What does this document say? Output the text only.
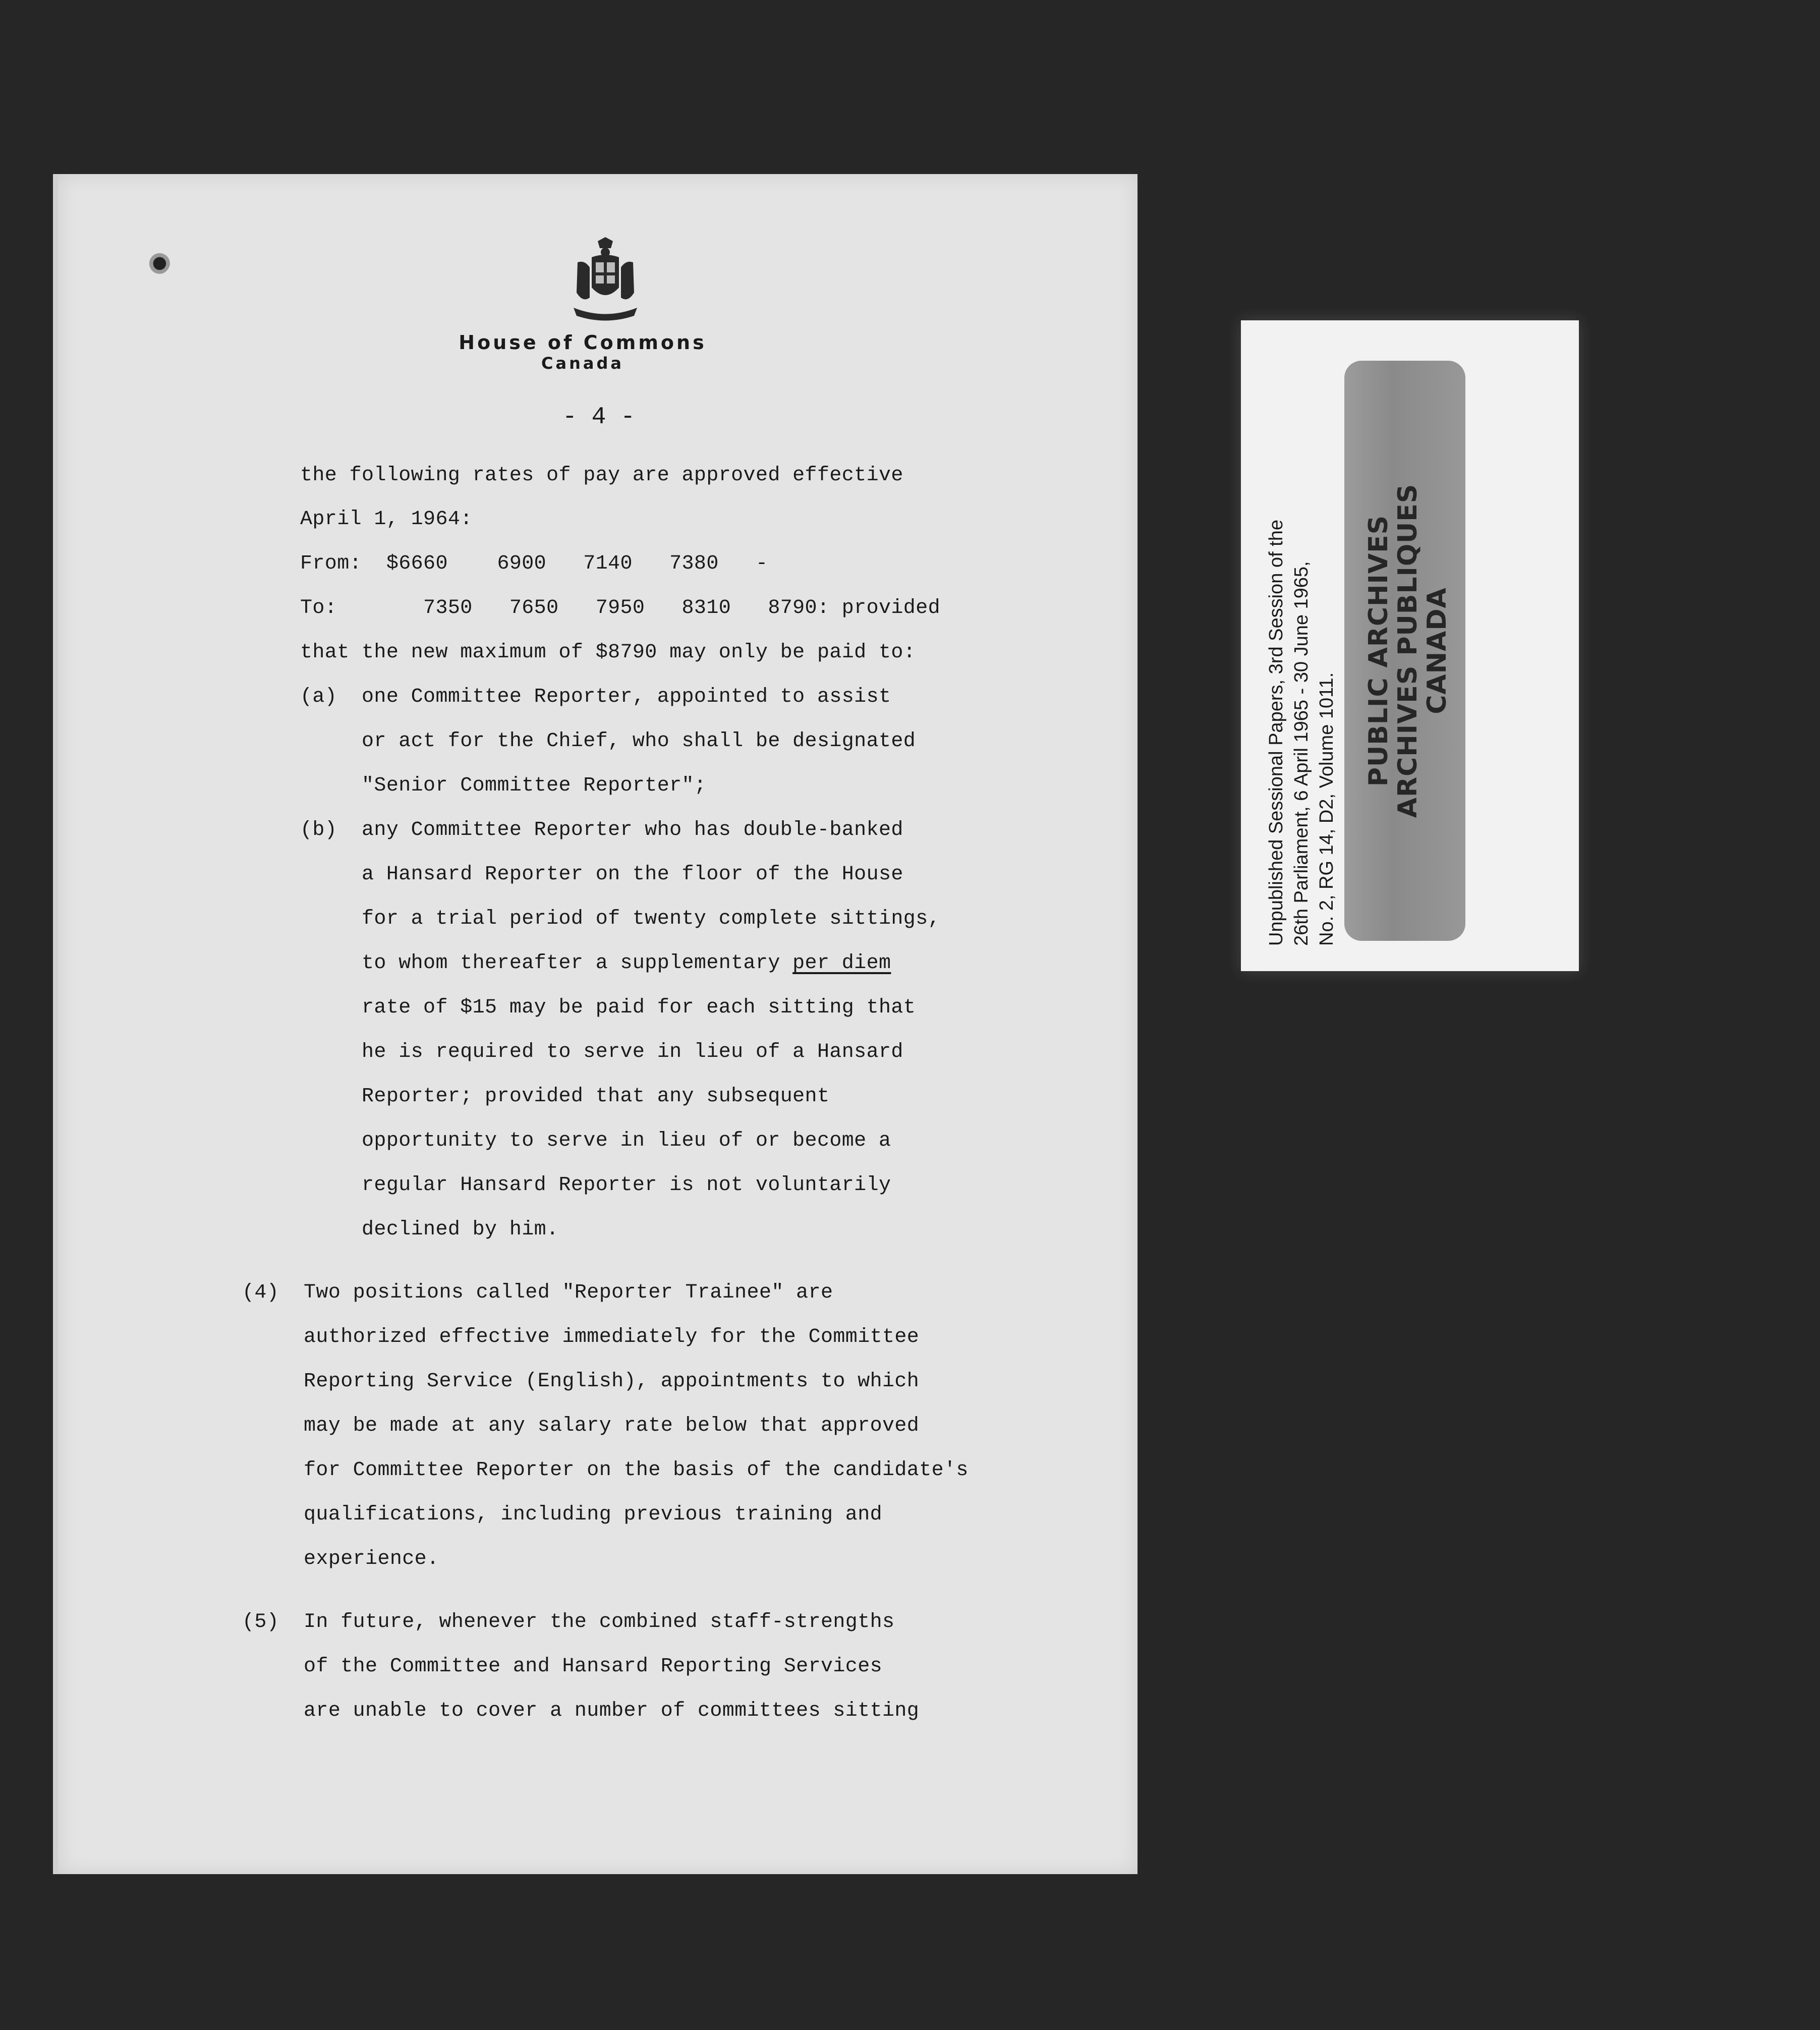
House of Commons
Canada
- 4 -
the following rates of pay are approved effective
April 1, 1964:
From:  $6660    6900   7140   7380   -
To:       7350   7650   7950   8310   8790: provided
that the new maximum of $8790 may only be paid to:
(a)  one Committee Reporter, appointed to assist
or act for the Chief, who shall be designated
"Senior Committee Reporter";
(b)  any Committee Reporter who has double-banked
a Hansard Reporter on the floor of the House
for a trial period of twenty complete sittings,
to whom thereafter a supplementary per diem
rate of $15 may be paid for each sitting that
he is required to serve in lieu of a Hansard
Reporter; provided that any subsequent
opportunity to serve in lieu of or become a
regular Hansard Reporter is not voluntarily
declined by him.
(4)  Two positions called "Reporter Trainee" are
authorized effective immediately for the Committee
Reporting Service (English), appointments to which
may be made at any salary rate below that approved
for Committee Reporter on the basis of the candidate's
qualifications, including previous training and
experience.
(5)  In future, whenever the combined staff-strengths
of the Committee and Hansard Reporting Services
are unable to cover a number of committees sitting
Unpublished Sessional Papers, 3rd Session of the 26th Parliament, 6 April 1965 - 30 June 1965, No. 2, RG 14, D2, Volume 1011.
PUBLIC ARCHIVES
ARCHIVES PUBLIQUES
CANADA
